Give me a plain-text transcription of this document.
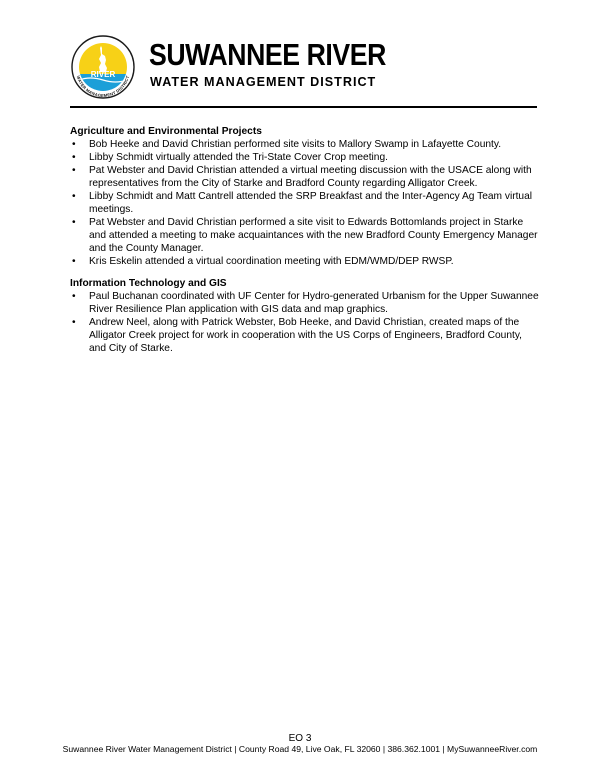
RIVER
WATER MANAGEMENT DISTRICT
SUWANNEE RIVER
WATER MANAGEMENT DISTRICT
Agriculture and Environmental Projects
• Bob Heeke and David Christian performed site visits to Mallory Swamp in Lafayette County.
• Libby Schmidt virtually attended the Tri-State Cover Crop meeting.
• Pat Webster and David Christian attended a virtual meeting discussion with the USACE along with representatives from the City of Starke and Bradford County regarding Alligator Creek.
• Libby Schmidt and Matt Cantrell attended the SRP Breakfast and the Inter-Agency Ag Team virtual meetings.
• Pat Webster and David Christian performed a site visit to Edwards Bottomlands project in Starke and attended a meeting to make acquaintances with the new Bradford County Emergency Manager and the County Manager.
• Kris Eskelin attended a virtual coordination meeting with EDM/WMD/DEP RWSP.
Information Technology and GIS
• Paul Buchanan coordinated with UF Center for Hydro-generated Urbanism for the Upper Suwannee River Resilience Plan application with GIS data and map graphics.
• Andrew Neel, along with Patrick Webster, Bob Heeke, and David Christian, created maps of the Alligator Creek project for work in cooperation with the US Corps of Engineers, Bradford County, and City of Starke.
EO 3
Suwannee River Water Management District | County Road 49, Live Oak, FL 32060 | 386.362.1001 | MySuwanneeRiver.com
